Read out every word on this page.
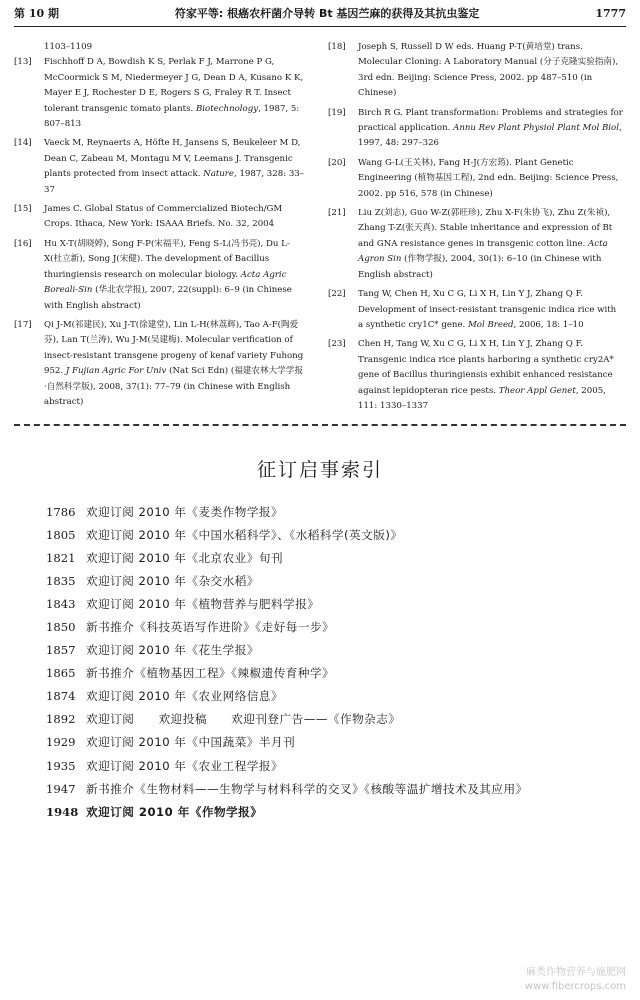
第 10 期	符家平等: 根癌农杆菌介导转 Bt 基因苎麻的获得及其抗虫鉴定	1777
1103–1109
[13] Fischhoff D A, Bowdish K S, Perlak F J, Marrone P G, McCoormick S M, Niedermeyer J G, Dean D A, Kusano K K, Mayer E J, Rochester D E, Rogers S G, Fraley R T. Insect tolerant transgenic tomato plants. Biotechnology, 1987, 5: 807–813
[14] Vaeck M, Reynaerts A, Höfte H, Jansens S, Beukeleer M D, Dean C, Zabeau M, Montagu M V, Leemans J. Transgenic plants protected from insect attack. Nature, 1987, 328: 33–37
[15] James C. Global Status of Commercialized Biotech/GM Crops. Ithaca, New York: ISAAA Briefs. No. 32, 2004
[16] Hu X-T(胡晓婷), Song F-P(宋福平), Feng S-L(冯书亮), Du L-X(杜立新), Song J(宋健). The development of Bacillus thuringiensis research on molecular biology. Acta Agric Boreali-Sin (华北农学报), 2007, 22(suppl): 6–9 (in Chinese with English abstract)
[17] Qi J-M(祁建民), Xu J-T(徐建堂), Lin L-H(林荔辉), Tao A-F(陶爱芬), Lan T(兰涛), Wu J-M(吴建梅). Molecular verification of insect-resistant transgene progeny of kenaf variety Fuhong 952. J Fujian Agric For Univ (Nat Sci Edn) (福建农林大学学报·自然科学版), 2008, 37(1): 77–79 (in Chinese with English abstract)
[18] Joseph S, Russell D W eds. Huang P-T(黄培堂) trans. Molecular Cloning: A Laboratory Manual (分子克隆实验指南), 3rd edn. Beijing: Science Press, 2002. pp 487–510 (in Chinese)
[19] Birch R G. Plant transformation: Problems and strategies for practical application. Annu Rev Plant Physiol Plant Mol Biol, 1997, 48: 297–326
[20] Wang G-L(王关林), Fang H-J(方宏筠). Plant Genetic Engineering (植物基因工程), 2nd edn. Beijing: Science Press, 2002. pp 516, 578 (in Chinese)
[21] Liu Z(刘志), Guo W-Z(郭旺珍), Zhu X-F(朱协飞), Zhu Z(朱祯), Zhang T-Z(张天真). Stable inheritance and expression of Bt and GNA resistance genes in transgenic cotton line. Acta Agron Sin (作物学报), 2004, 30(1): 6–10 (in Chinese with English abstract)
[22] Tang W, Chen H, Xu C G, Li X H, Lin Y J, Zhang Q F. Development of insect-resistant transgenic indica rice with a synthetic cry1C* gene. Mol Breed, 2006, 18: 1–10
[23] Chen H, Tang W, Xu C G, Li X H, Lin Y J, Zhang Q F. Transgenic indica rice plants harboring a synthetic cry2A* gene of Bacillus thuringiensis exhibit enhanced resistance against lepidopteran rice pests. Theor Appl Genet, 2005, 111: 1330–1337
征订启事索引
1786 欢迎订阅 2010 年《麦类作物学报》
1805 欢迎订阅 2010 年《中国水稻科学》、《水稻科学(英文版)》
1821 欢迎订阅 2010 年《北京农业》旬刊
1835 欢迎订阅 2010 年《杂交水稻》
1843 欢迎订阅 2010 年《植物营养与肥料学报》
1850 新书推介《科技英语写作进阶》《走好每一步》
1857 欢迎订阅 2010 年《花生学报》
1865 新书推介《植物基因工程》《辣椒遗传育种学》
1874 欢迎订阅 2010 年《农业网络信息》
1892 欢迎订阅　　欢迎投稿　　欢迎刊登广告——《作物杂志》
1929 欢迎订阅 2010 年《中国蔬菜》半月刊
1935 欢迎订阅 2010 年《农业工程学报》
1947 新书推介《生物材料——生物学与材料科学的交叉》《核酸等温扩增技术及其应用》
1948 欢迎订阅 2010 年《作物学报》
麻类作物营养与施肥网
www.fibercrops.com
